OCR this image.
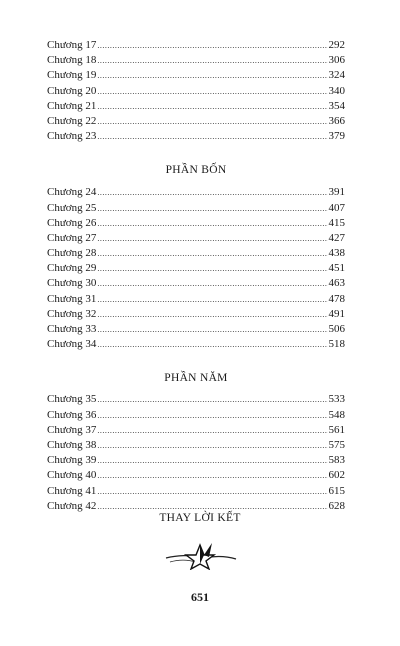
Chương 17 .....	292
Chương 18 .....	306
Chương 19 .....	324
Chương 20 .....	340
Chương 21 .....	354
Chương 22 .....	366
Chương 23 .....	379
PHẦN BỐN
Chương 24 .....	391
Chương 25 .....	407
Chương 26 .....	415
Chương 27 .....	427
Chương 28 .....	438
Chương 29 .....	451
Chương 30 .....	463
Chương 31 .....	478
Chương 32 .....	491
Chương 33 .....	506
Chương 34 .....	518
PHẦN NĂM
Chương 35 .....	533
Chương 36 .....	548
Chương 37 .....	561
Chương 38 .....	575
Chương 39 .....	583
Chương 40 .....	602
Chương 41 .....	615
Chương 42 .....	628
THAY LỜI KẾT
651
